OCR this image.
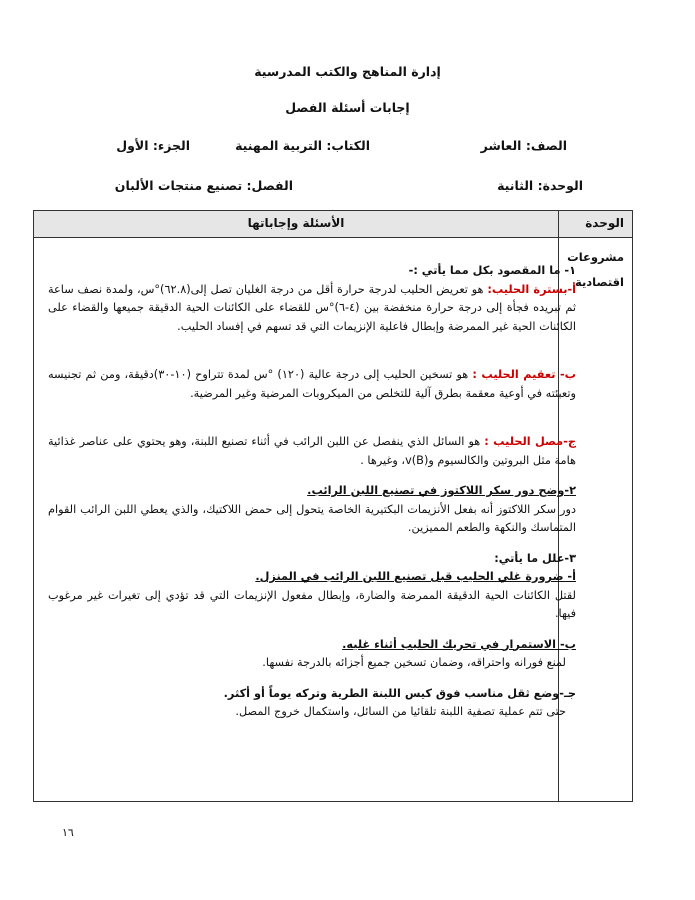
إدارة المناهج والكتب المدرسية
إجابات أسئلة الفصل
الصف: العاشر
الكتاب: التربية المهنية
الجزء: الأول
الوحدة: الثانية
الفصل: تصنيع منتجات الألبان
الوحدة
الأسئلة وإجاباتها
مشروعات
اقتصادية

١- ما المقصود بكل مما يأتي :-

أ-بسترة الحليب: هو تعريض الحليب لدرجة حرارة أقل من درجة الغليان تصل إلى(٦٢.٨)°س، ولمدة نصف ساعة ثم تبريده فجأة إلى درجة حرارة منخفضة بين (٤-٦)°س للقضاء على الكائنات الحية الدقيقة جميعها والقضاء على الكائنات الحية غير الممرضة وإبطال فاعلية الإنزيمات التي قد تسهم في إفساد الحليب.

ب- تعقيم الحليب : هو تسخين الحليب إلى درجة عالية (١٢٠) °س لمدة تتراوح (١٠-٣٠)دقيقة، ومن ثم تجنيسه وتعبئته في أوعية معقمة بطرق آلية للتخلص من الميكروبات المرضية وغير المرضية.

ج-مصل الحليب : هو السائل الذي ينفصل عن اللبن الرائب في أثناء تصنيع اللبنة، وهو يحتوي على عناصر غذائية هامة مثل البروتين والكالسيوم و(B)v، وغيرها .

٢-وضح دور سكر اللاكتوز في تصنيع اللبن الرائب.

دور سكر اللاكتوز أنه بفعل الأنزيمات البكتيرية الخاصة يتحول إلى حمض اللاكتيك، والذي يعطي اللبن الرائب القوام المتماسك والنكهة والطعم المميزين.

٣-علل ما يأتي:

أ- ضرورة غلي الحليب قبل تصنيع اللبن الرائب في المنزل.

لقتل الكائنات الحية الدقيقة الممرضة والضارة، وإبطال مفعول الإنزيمات التي قد تؤدي إلى تغيرات غير مرغوب فيها.

ب- الاستمرار في تحريك الحليب أثناء غليه.

لمنع فورانه واحتراقه، وضمان تسخين جميع أجزائه بالدرجة نفسها.

جـ-وضع ثقل مناسب فوق كيس اللبنة الطرية وتركه يوماً أو أكثر.

حتى تتم عملية تصفية اللبنة تلقائيا من السائل، واستكمال خروج المصل.

١٦
